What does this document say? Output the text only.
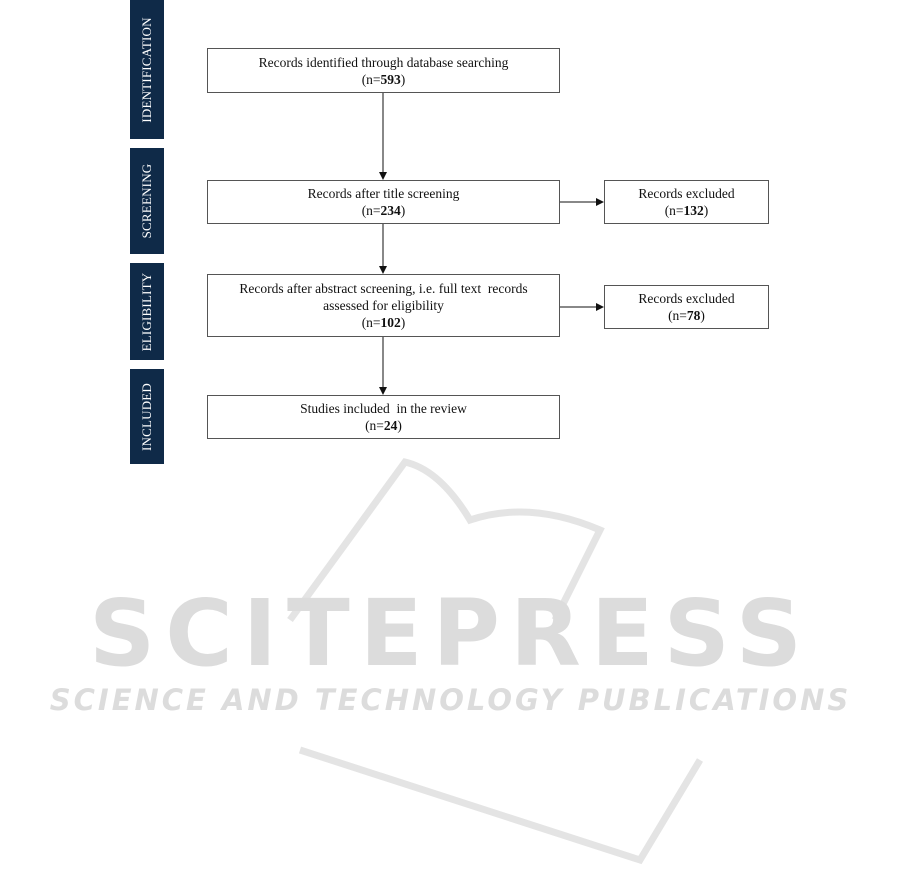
SCITEPRESS
SCIENCE AND TECHNOLOGY PUBLICATIONS
IDENTIFICATION
SCREENING
ELIGIBILITY
INCLUDED
Records identified through database searching
(n=593)
Records after title screening
(n=234)
Records after abstract screening, i.e. full text  records
assessed for eligibility
(n=102)
Studies included  in the review
(n=24)
Records excluded
(n=132)
Records excluded
(n=78)
